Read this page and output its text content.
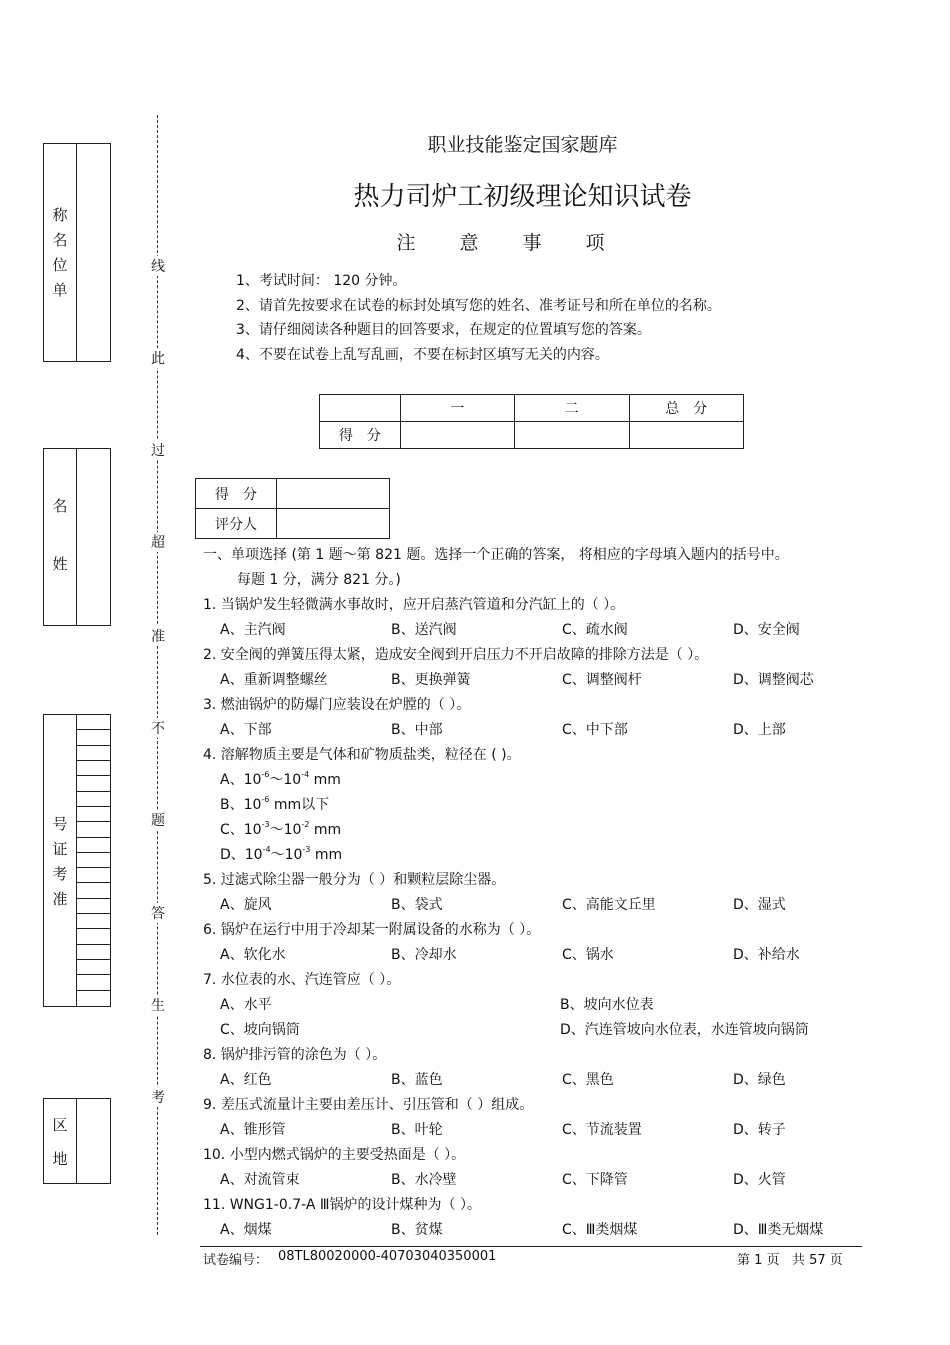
称
名
位
单
名
姓
号
证
考
准
区
地
线
此
过
超
准
不
题
答
生
考
职业技能鉴定国家题库
热力司炉工初级理论知识试卷
注意事项
1、考试时间： 120 分钟。
2、请首先按要求在试卷的标封处填写您的姓名、准考证号和所在单位的名称。
3、请仔细阅读各种题目的回答要求，在规定的位置填写您的答案。
4、不要在试卷上乱写乱画，不要在标封区填写无关的内容。
	一	二	总　分
得　分			
得　分	
评分人	
一、单项选择 (第 1 题～第 821 题。选择一个正确的答案， 将相应的字母填入题内的括号中。
每题 1 分，满分 821 分。)
1. 当锅炉发生轻微满水事故时，应开启蒸汽管道和分汽缸上的（ ）。
A、主汽阀	B、送汽阀	C、疏水阀	D、安全阀
2. 安全阀的弹簧压得太紧，造成安全阀到开启压力不开启故障的排除方法是（ ）。
A、重新调整螺丝	B、更换弹簧	C、调整阀杆	D、调整阀芯
3. 燃油锅炉的防爆门应装设在炉膛的（ ）。
A、下部	B、中部	C、中下部	D、上部
4. 溶解物质主要是气体和矿物质盐类，粒径在 ( )。
A、$10^{-6}\sim 10^{-4}$ mm
B、$10^{-6}$ mm以下
C、$10^{-3}\sim 10^{-2}$ mm
D、$10^{-4}\sim 10^{-3}$ mm
5. 过滤式除尘器一般分为（ ）和颗粒层除尘器。
A、旋风	B、袋式	C、高能文丘里	D、湿式
6. 锅炉在运行中用于冷却某一附属设备的水称为（ ）。
A、软化水	B、冷却水	C、锅水	D、补给水
7. 水位表的水、汽连管应（ ）。
A、水平	B、坡向水位表
C、坡向锅筒	D、汽连管坡向水位表，水连管坡向锅筒
8. 锅炉排污管的涂色为（ ）。
A、红色	B、蓝色	C、黑色	D、绿色
9. 差压式流量计主要由差压计、引压管和（ ）组成。
A、锥形管	B、叶轮	C、节流装置	D、转子
10. 小型内燃式锅炉的主要受热面是（ ）。
A、对流管束	B、水冷壁	C、下降管	D、火管
11. WNG1-0.7-A Ⅲ锅炉的设计煤种为（ ）。
A、烟煤	B、贫煤	C、Ⅲ类烟煤	D、Ⅲ类无烟煤
试卷编号： 08TL80020000-40703040350001	第 1 页   共 57 页
